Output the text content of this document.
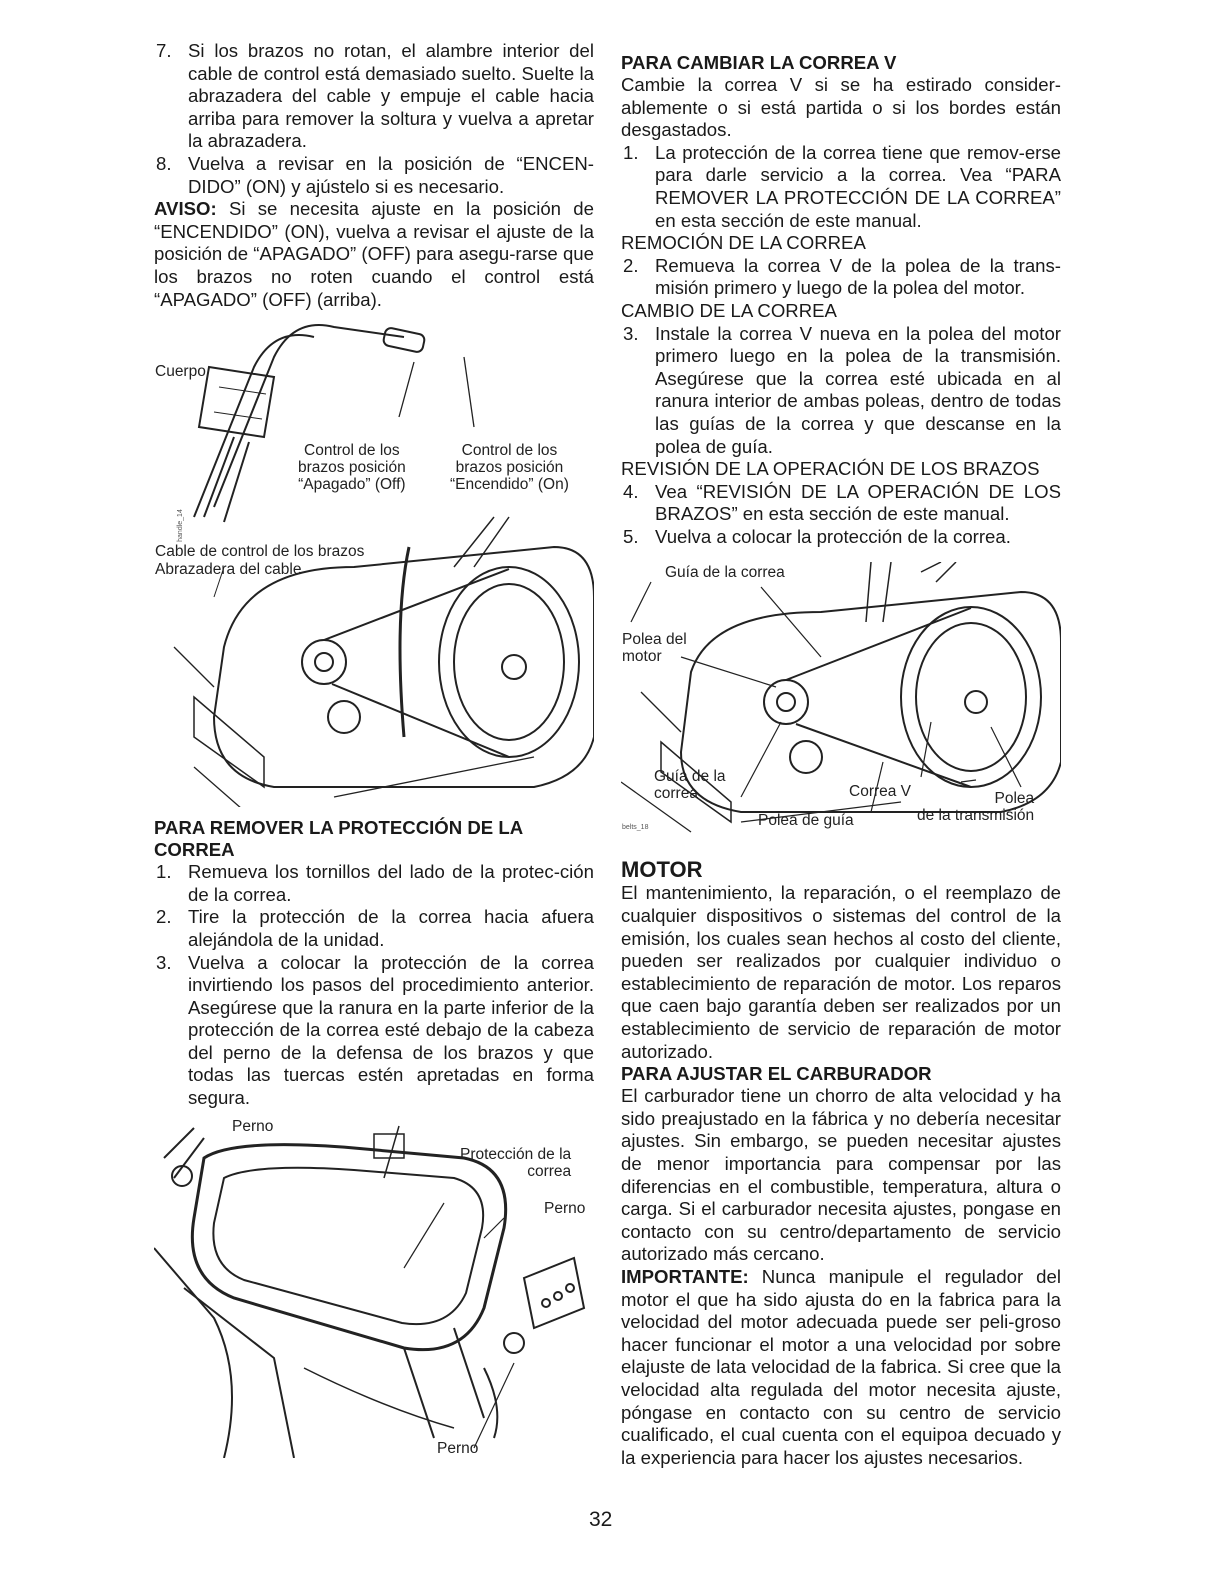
7. Si los brazos no rotan, el alambre interior del cable de control está demasiado suelto. Suelte la abrazadera del cable y empuje el cable hacia arriba para remover la soltura y vuelva a apretar la abrazadera.
8. Vuelva a revisar en la posición de “ENCEN-DIDO” (ON) y ajústelo si es necesario.

AVISO: Si se necesita ajuste en la posición de “ENCENDIDO” (ON), vuelva a revisar el ajuste de la posición de “APAGADO” (OFF) para asegu-rarse que los brazos no roten cuando el control está “APAGADO” (OFF) (arriba).

Cuerpo
Control de los
brazos posición
“Apagado” (Off)
Control de los
brazos posición
“Encendido” (On)
handle_14
Cable de control de los brazos
Abrazadera del cable
PARA REMOVER LA PROTECCIÓN DE LA CORREA
1. Remueva los tornillos del lado de la protec-ción de la correa.
2. Tire la protección de la correa hacia afuera alejándola de la unidad.
3. Vuelva a colocar la protección de la correa invirtiendo los pasos del procedimiento anterior. Asegúrese que la ranura en la parte inferior de la protección de la correa esté debajo de la cabeza del perno de la defensa de los brazos y que todas las tuercas estén apretadas en forma segura.
Perno
Protección de la
correa
Perno
Perno
PARA CAMBIAR LA CORREA V

Cambie la correa V si se ha estirado consider-ablemente o si está partida o si los bordes están desgastados.

1. La protección de la correa tiene que remov-erse para darle servicio a la correa. Vea “PARA REMOVER LA PROTECCIÓN DE LA CORREA” en esta sección de este manual.
REMOCIÓN DE LA CORREA
2. Remueva la correa V de la polea de la trans-misión primero y luego de la polea del motor.
CAMBIO DE LA CORREA
3. Instale la correa V nueva en la polea del motor primero luego en la polea de la transmisión. Asegúrese que la correa esté ubicada en al ranura interior de ambas poleas, dentro de todas las guías de la correa y que descanse en la polea de guía.
REVISIÓN DE LA OPERACIÓN DE LOS BRAZOS
4. Vea “REVISIÓN DE LA OPERACIÓN DE LOS BRAZOS” en esta sección de este manual.
5. Vuelva a colocar la protección de la correa.
Guía de la correa
Polea del
motor
Guía de la
correa	Correa V	Polea
de la transmisión
Polea de guía
belts_18
MOTOR

El mantenimiento, la reparación, o el reemplazo de cualquier dispositivos o sistemas del control de la emisión, los cuales sean hechos al costo del cliente, pueden ser realizados por cualquier individuo o establecimiento de reparación de motor. Los reparos que caen bajo garantía deben ser realizados por un establecimiento de servicio de reparación de motor autorizado.

PARA AJUSTAR EL CARBURADOR

El carburador tiene un chorro de alta velocidad y ha sido preajustado en la fábrica y no debería necesitar ajustes. Sin embargo, se pueden necesitar ajustes de menor importancia para compensar por las diferencias en el combustible, temperatura, altura o carga. Si el carburador necesita ajustes, pongase en contacto con su centro/departamento de servicio autorizado más cercano.

IMPORTANTE: Nunca manipule el regulador del motor el que ha sido ajusta do en la fabrica para la velocidad del motor adecuada puede ser peli-groso hacer funcionar el motor a una velocidad por sobre elajuste de lata velocidad de la fabrica. Si cree que la velocidad alta regulada del motor necesita ajuste, póngase en contacto con su centro de servicio cualificado, el cual cuenta con el equipoa decuado y la experiencia para hacer los ajustes necesarios.

32
